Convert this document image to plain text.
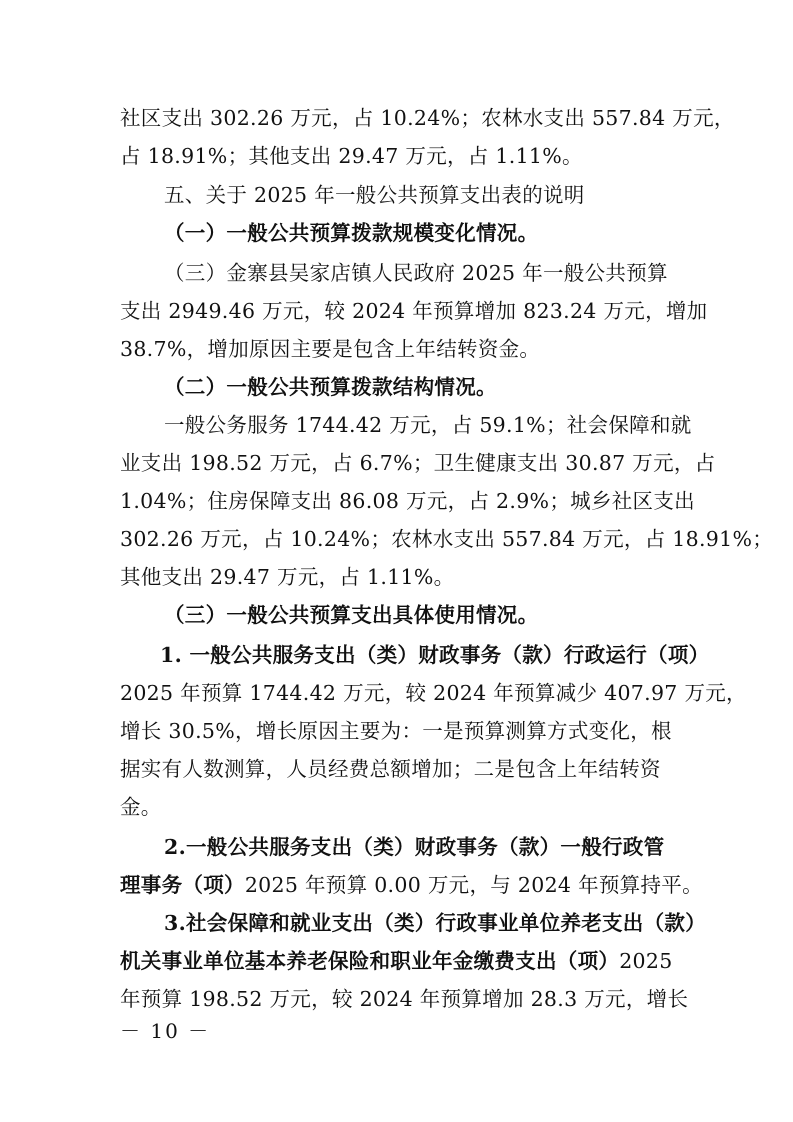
社区支出 302.26 万元，占 10.24%；农林水支出 557.84 万元，
占 18.91%；其他支出 29.47 万元，占 1.11%。
五、关于 2025 年一般公共预算支出表的说明
（一）一般公共预算拨款规模变化情况。
（三）金寨县吴家店镇人民政府 2025 年一般公共预算
支出 2949.46 万元，较 2024 年预算增加 823.24 万元，增加
38.7%，增加原因主要是包含上年结转资金。
（二）一般公共预算拨款结构情况。
一般公务服务 1744.42 万元，占 59.1%；社会保障和就
业支出 198.52 万元，占 6.7%；卫生健康支出 30.87 万元，占
1.04%；住房保障支出 86.08 万元，占 2.9%；城乡社区支出
302.26 万元，占 10.24%；农林水支出 557.84 万元，占 18.91%；
其他支出 29.47 万元，占 1.11%。
（三）一般公共预算支出具体使用情况。
1. 一般公共服务支出（类）财政事务（款）行政运行（项）
2025 年预算 1744.42 万元，较 2024 年预算减少 407.97 万元，
增长 30.5%，增长原因主要为：一是预算测算方式变化，根
据实有人数测算，人员经费总额增加；二是包含上年结转资
金。
2.一般公共服务支出（类）财政事务（款）一般行政管
理事务（项）2025 年预算 0.00 万元，与 2024 年预算持平。
3.社会保障和就业支出（类）行政事业单位养老支出（款）
机关事业单位基本养老保险和职业年金缴费支出（项）2025
年预算 198.52 万元，较 2024 年预算增加 28.3 万元，增长
－ 10 －
